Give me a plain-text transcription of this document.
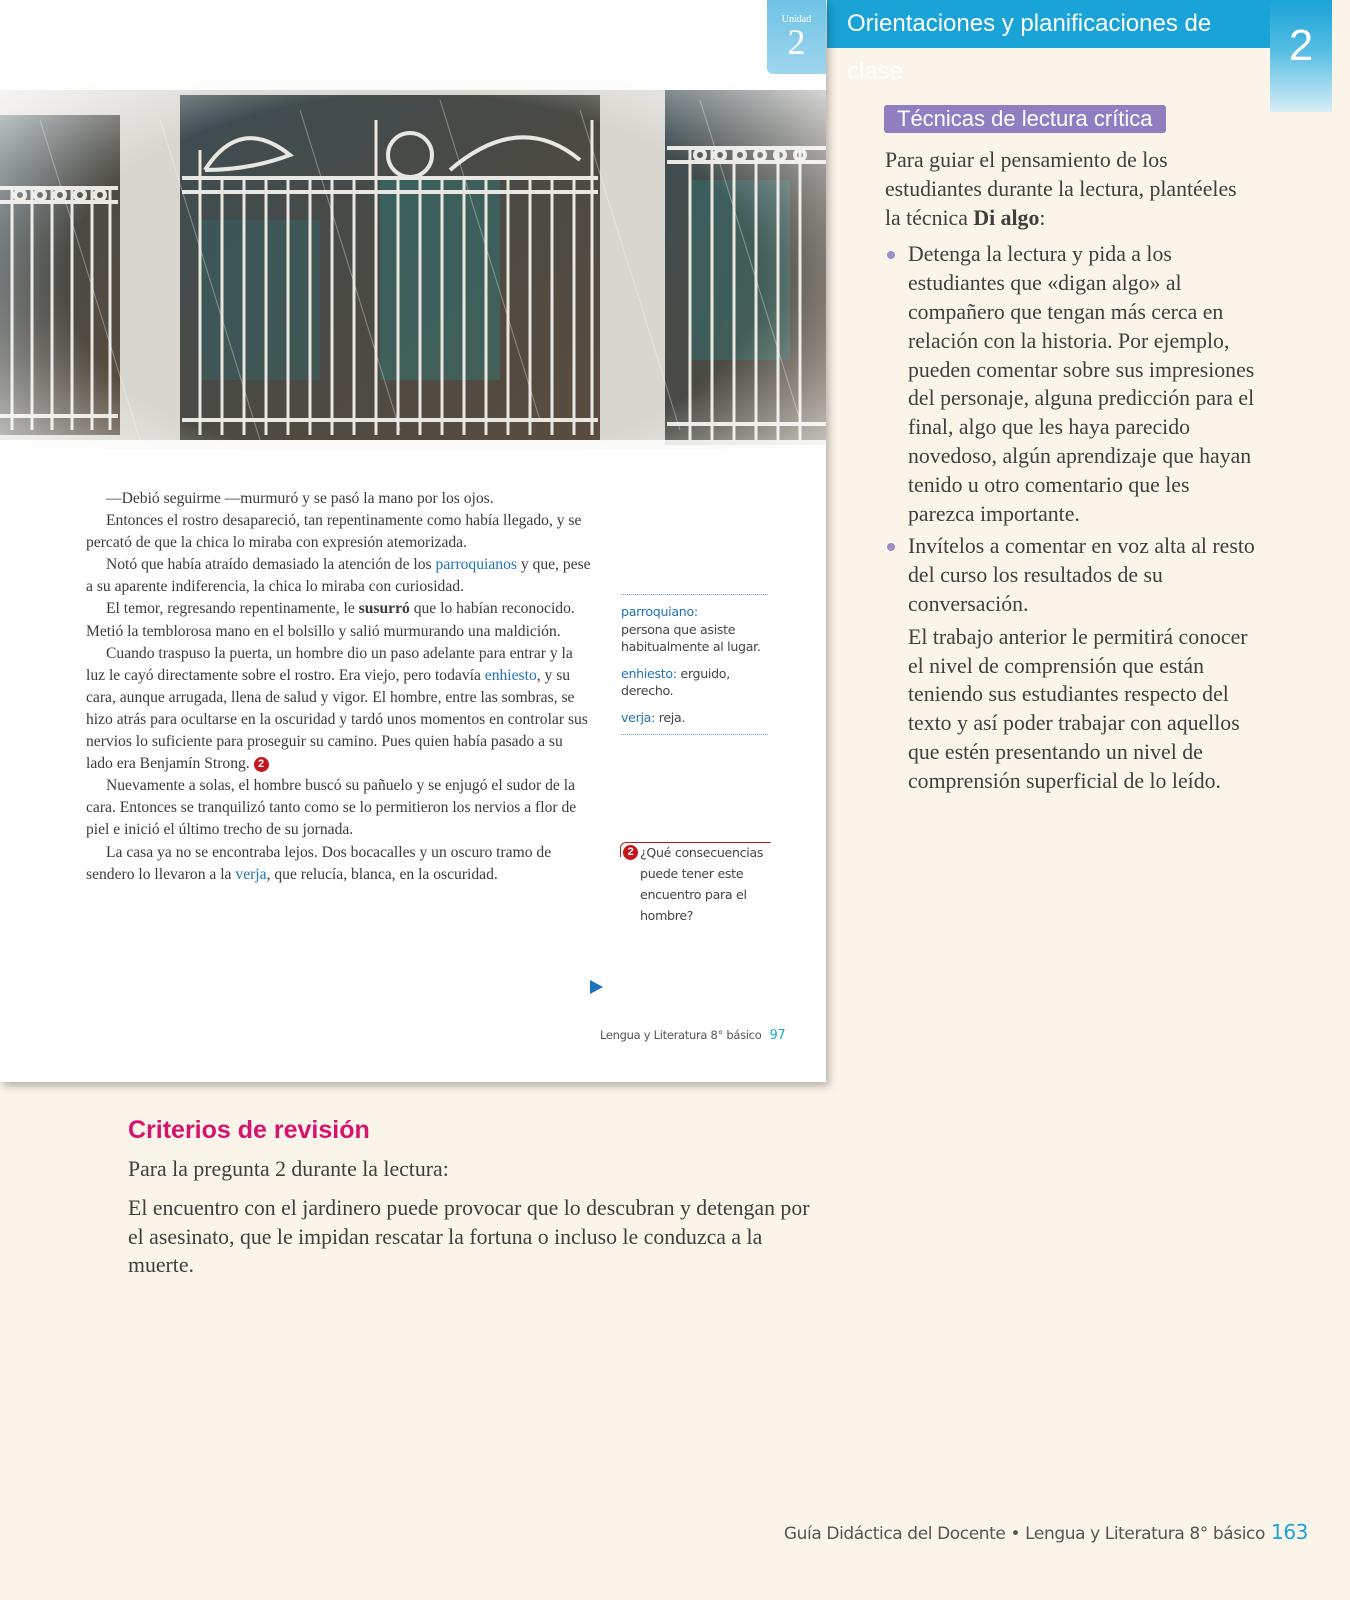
Orientaciones y planificaciones de clase
2
Unidad
2

—Debió seguirme —murmuró y se pasó la mano por los ojos.

Entonces el rostro desapareció, tan repentinamente como había llegado, y se percató de que la chica lo miraba con expresión atemorizada.

Notó que había atraído demasiado la atención de los parroquianos y que, pese a su aparente indiferencia, la chica lo miraba con curiosidad.

El temor, regresando repentinamente, le susurró que lo habían reconocido. Metió la temblorosa mano en el bolsillo y salió murmurando una maldición.

Cuando traspuso la puerta, un hombre dio un paso adelante para entrar y la luz le cayó directamente sobre el rostro. Era viejo, pero todavía enhiesto, y su cara, aunque arrugada, llena de salud y vigor. El hombre, entre las sombras, se hizo atrás para ocultarse en la oscuridad y tardó unos momentos en controlar sus nervios lo suficiente para proseguir su camino. Pues quien había pasado a su lado era Benjamín Strong. 2

Nuevamente a solas, el hombre buscó su pañuelo y se enjugó el sudor de la cara. Entonces se tranquilizó tanto como se lo permitieron los nervios a flor de piel e inició el último trecho de su jornada.

La casa ya no se encontraba lejos. Dos bocacalles y un oscuro tramo de sendero lo llevaron a la verja, que relucía, blanca, en la oscuridad.

parroquiano:
persona que asiste habitualmente al lugar.
enhiesto: erguido, derecho.
verja: reja.
2 ¿Qué consecuencias puede tener este encuentro para el hombre?
Lengua y Literatura 8° básico 97
Técnicas de lectura crítica

Para guiar el pensamiento de los estudiantes durante la lectura, plantéeles la técnica Di algo:

Detenga la lectura y pida a los estudiantes que «digan algo» al compañero que tengan más cerca en relación con la historia. Por ejemplo, pueden comentar sobre sus impresiones del personaje, alguna predicción para el final, algo que les haya parecido novedoso, algún aprendizaje que hayan tenido u otro comentario que les parezca importante.
Invítelos a comentar en voz alta al resto del curso los resultados de su conversación.

El trabajo anterior le permitirá conocer el nivel de comprensión que están teniendo sus estudiantes respecto del texto y así poder trabajar con aquellos que estén presentando un nivel de comprensión superficial de lo leído.

Criterios de revisión

Para la pregunta 2 durante la lectura:

El encuentro con el jardinero puede provocar que lo descubran y detengan por el asesinato, que le impidan rescatar la fortuna o incluso le conduzca a la muerte.

Guía Didáctica del Docente • Lengua y Literatura 8° básico 163
